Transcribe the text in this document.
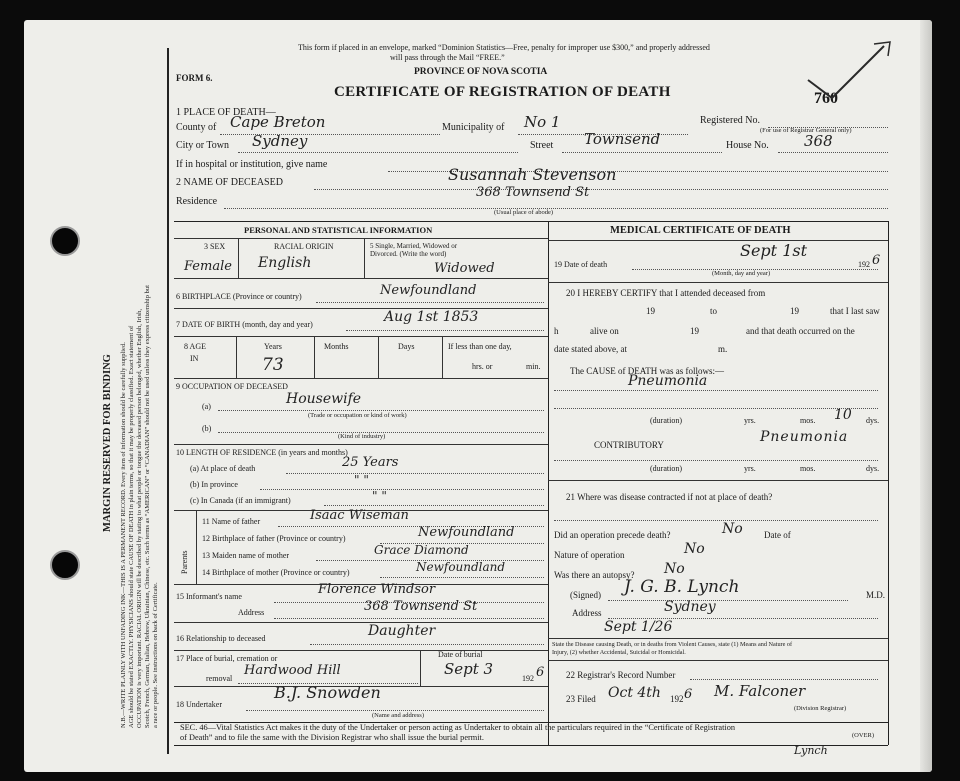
MARGIN RESERVED FOR BINDING N.B.—WRITE PLAINLY WITH UNFADING INK—THIS IS A PERMANENT RECORD. Every item of information should be carefully supplied. AGE should be stated EXACTLY. PHYSICIANS should state CAUSE OF DEATH in plain terms, so that it may be properly classified. Exact statement of OCCUPATION is very important. RACIAL ORIGIN will be described by stating to what people or tongue the deceased person belonged, whether English, Irish, Scotch, French, German, Italian, Hebrew, Ukrainian, Chinese, etc. Such terms as “AMERICAN” or “CANADIAN” should not be used unless they express citizenship but a race or people. See instructions on back of Certificate.
This form if placed in an envelope, marked “Dominion Statistics—Free, penalty for improper use $300,” and properly addressed
will pass through the Mail “FREE.”
PROVINCE OF NOVA SCOTIA
FORM 6.
CERTIFICATE OF REGISTRATION OF DEATH	760
1 PLACE OF DEATH—
County of Cape Breton	Municipality of No 1	Registered No.
(For use of Registrar General only)
City or Town Sydney	Street Townsend	House No. 368
If in hospital or institution, give name
2 NAME OF DECEASED	Susannah Stevenson
Residence
368 Townsend St
(Usual place of abode)
PERSONAL AND STATISTICAL INFORMATION
3 SEX	RACIAL ORIGIN	5 Single, Married, Widowed or
Divorced. (Write the word)
Female English	Widowed
6 BIRTHPLACE (Province or country)	Newfoundland
7 DATE OF BIRTH (month, day and year)	Aug 1st 1853
8 AGE
IN
Years	Months	Days	If less than one day,
hrs. or	min.
73
9 OCCUPATION OF DECEASED
(a)	Housewife
(Trade or occupation or kind of work)
(b)
(Kind of industry)
10 LENGTH OF RESIDENCE (in years and months)
(a) At place of death	25 Years
(b) In province	" "
(c) In Canada (if an immigrant)	" "
Parents
11 Name of father	Isaac Wiseman
12 Birthplace of father (Province or country)	Newfoundland
13 Maiden name of mother	Grace Diamond
14 Birthplace of mother (Province or country)	Newfoundland
15 Informant's name	Florence Windsor
Address	368 Townsend St
16 Relationship to deceased	Daughter
17 Place of burial, cremation or
removal
Hardwood Hill
Date of burial
Sept 3
192 6
18 Undertaker
B.J. Snowden
(Name and address)
MEDICAL CERTIFICATE OF DEATH
19 Date of death
Sept 1st
192 6
(Month, day and year)
20 I HEREBY CERTIFY that I attended deceased from
19	to	19	that I last saw
h	alive on	19	and that death occurred on the
date stated above, at	m.
The CAUSE of DEATH was as follows:—
Pneumonia
(duration)	yrs.	mos. 10 dys.
CONTRIBUTORY	Pneumonia
(duration)	yrs.	mos.	dys.
21 Where was disease contracted if not at place of death?
Did an operation precede death?	No Date of
Nature of operation	No
Was there an autopsy? No
(Signed) J. G. B. Lynch	M.D.
Address	Sydney
Sept 1/26
State the Disease causing Death, or in deaths from Violent Causes, state (1) Means and Nature of
Injury, (2) whether Accidental, Suicidal or Homicidal.
22 Registrar's Record Number
23 Filed Oct 4th 192 6 M. Falconer
(Division Registrar)
SEC. 46—Vital Statistics Act makes it the duty of the Undertaker or person acting as Undertaker to obtain all the particulars required in the “Certificate of Registration
of Death” and to file the same with the Division Registrar who shall issue the burial permit.	(OVER)
Lynch
